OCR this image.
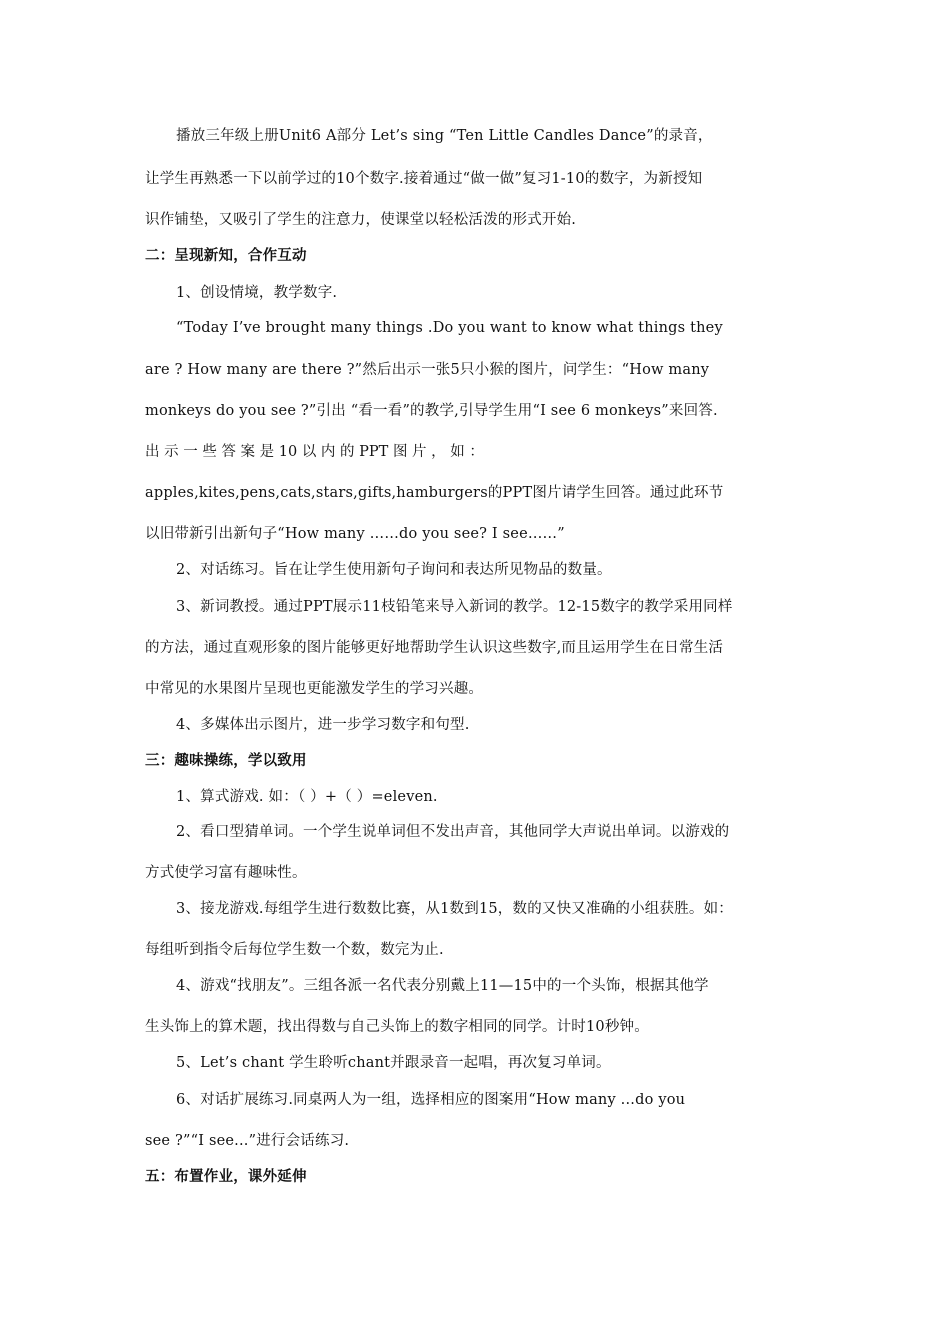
播放三年级上册Unit6 A部分 Let’s sing “Ten Little Candles Dance”的录音，
让学生再熟悉一下以前学过的10个数字.接着通过“做一做”复习1-10的数字，为新授知
识作铺垫，又吸引了学生的注意力，使课堂以轻松活泼的形式开始.
二：呈现新知，合作互动
1、创设情境，教学数字.
“Today I’ve brought many things .Do you want to know what things they
are ? How many are there ?”然后出示一张5只小猴的图片，问学生：“How many
monkeys do you see ?”引出 “看一看”的教学,引导学生用“I see 6 monkeys”来回答.
出 示 一 些 答 案 是 10 以 内 的 PPT 图 片 ， 如 ：
apples,kites,pens,cats,stars,gifts,hamburgers的PPT图片请学生回答。通过此环节
以旧带新引出新句子“How many ……do you see? I see……”
2、对话练习。旨在让学生使用新句子询问和表达所见物品的数量。
3、新词教授。通过PPT展示11枝铅笔来导入新词的教学。12-15数字的教学采用同样
的方法，通过直观形象的图片能够更好地帮助学生认识这些数字,而且运用学生在日常生活
中常见的水果图片呈现也更能激发学生的学习兴趣。
4、多媒体出示图片，进一步学习数字和句型.
三：趣味操练，学以致用
1、算式游戏. 如：（ ）+（ ）=eleven.
2、看口型猜单词。一个学生说单词但不发出声音，其他同学大声说出单词。以游戏的
方式使学习富有趣味性。
3、接龙游戏.每组学生进行数数比赛，从1数到15，数的又快又准确的小组获胜。如：
每组听到指令后每位学生数一个数，数完为止.
4、游戏“找朋友”。三组各派一名代表分别戴上11—15中的一个头饰，根据其他学
生头饰上的算术题，找出得数与自己头饰上的数字相同的同学。计时10秒钟。
5、Let’s chant 学生聆听chant并跟录音一起唱，再次复习单词。
6、对话扩展练习.同桌两人为一组，选择相应的图案用“How many ...do you
see ?”“I see...”进行会话练习.
五：布置作业，课外延伸
